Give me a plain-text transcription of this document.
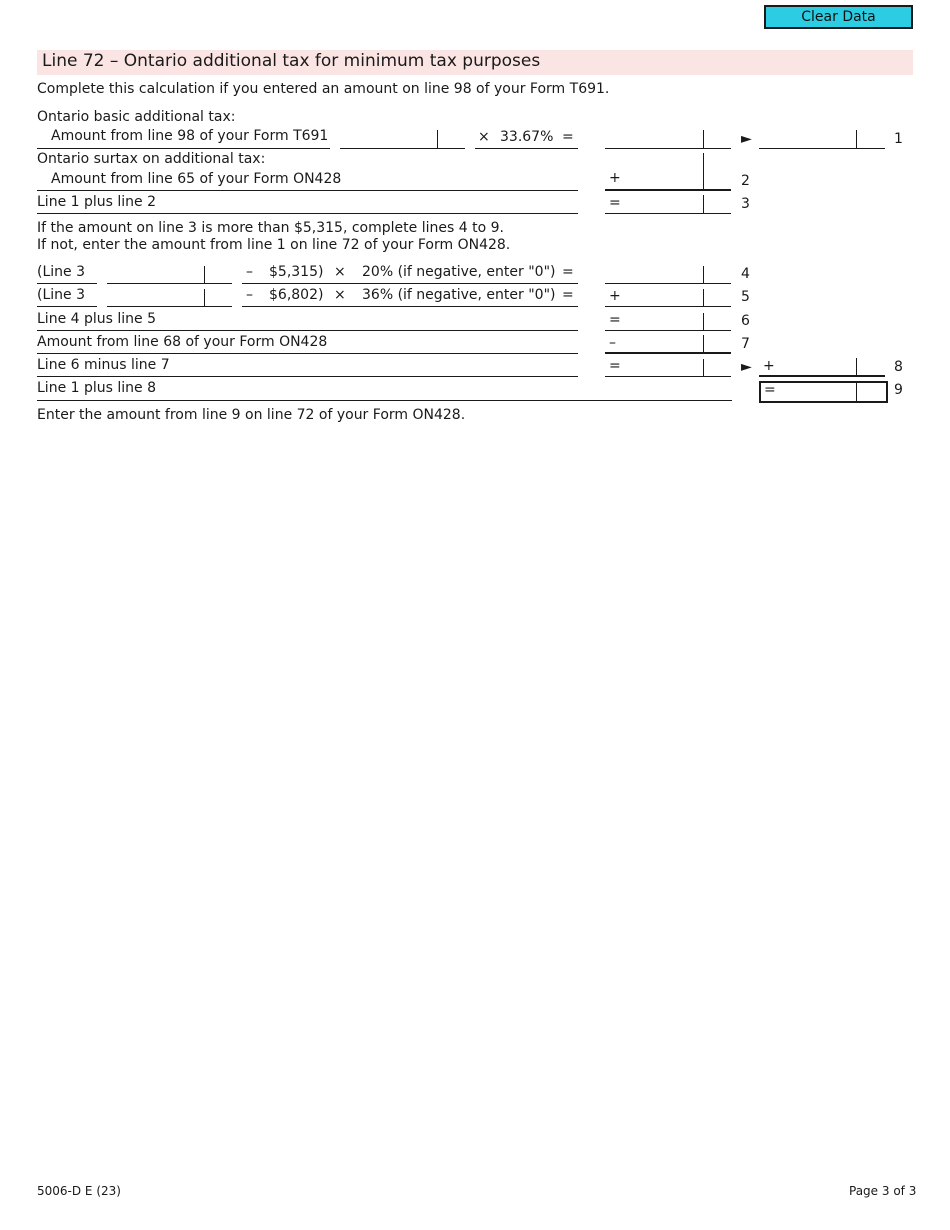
Clear Data
Line 72 – Ontario additional tax for minimum tax purposes
Complete this calculation if you entered an amount on line 98 of your Form T691.
Ontario basic additional tax:
Amount from line 98 of your Form T691	× 33.67% =	►	1
Ontario surtax on additional tax:
Amount from line 65 of your Form ON428	+	2
Line 1 plus line 2	=	3
If the amount on line 3 is more than $5,315, complete lines 4 to 9.
If not, enter the amount from line 1 on line 72 of your Form ON428.
(Line 3	– $5,315) × 20% (if negative, enter "0") =	4
(Line 3	– $6,802) × 36% (if negative, enter "0") =	+	5
Line 4 plus line 5	=	6
Amount from line 68 of your Form ON428	–	7
Line 6 minus line 7	=	► +	8
Line 1 plus line 8	=	9
Enter the amount from line 9 on line 72 of your Form ON428.
5006-D E (23)	Page 3 of 3
